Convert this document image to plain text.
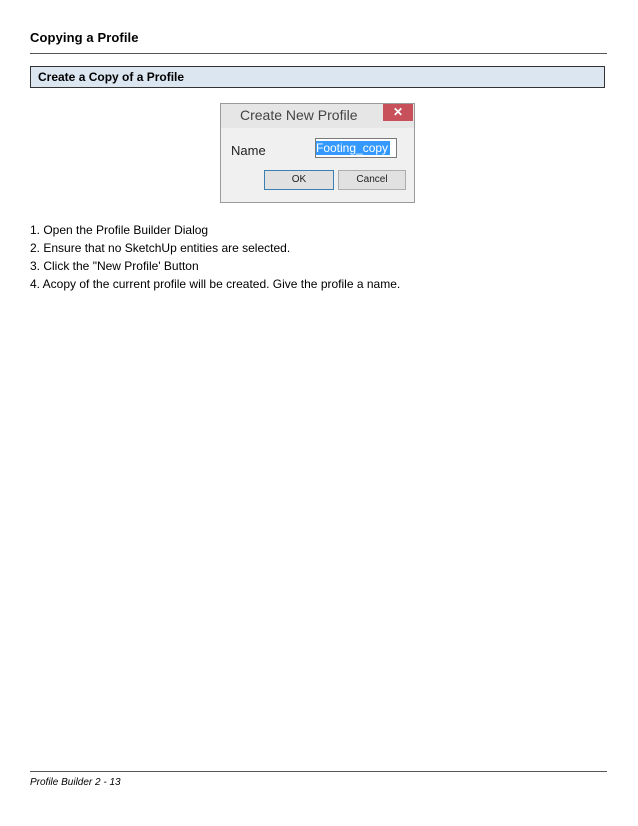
Copying a Profile
Create a Copy of a Profile
Create New Profile	✕
Name	Footing_copy
OK	Cancel
1. Open the Profile Builder Dialog
2. Ensure that no SketchUp entities are selected.
3. Click the "New Profile' Button
4. Acopy of the current profile will be created. Give the profile a name.
Profile Builder 2 - 13
